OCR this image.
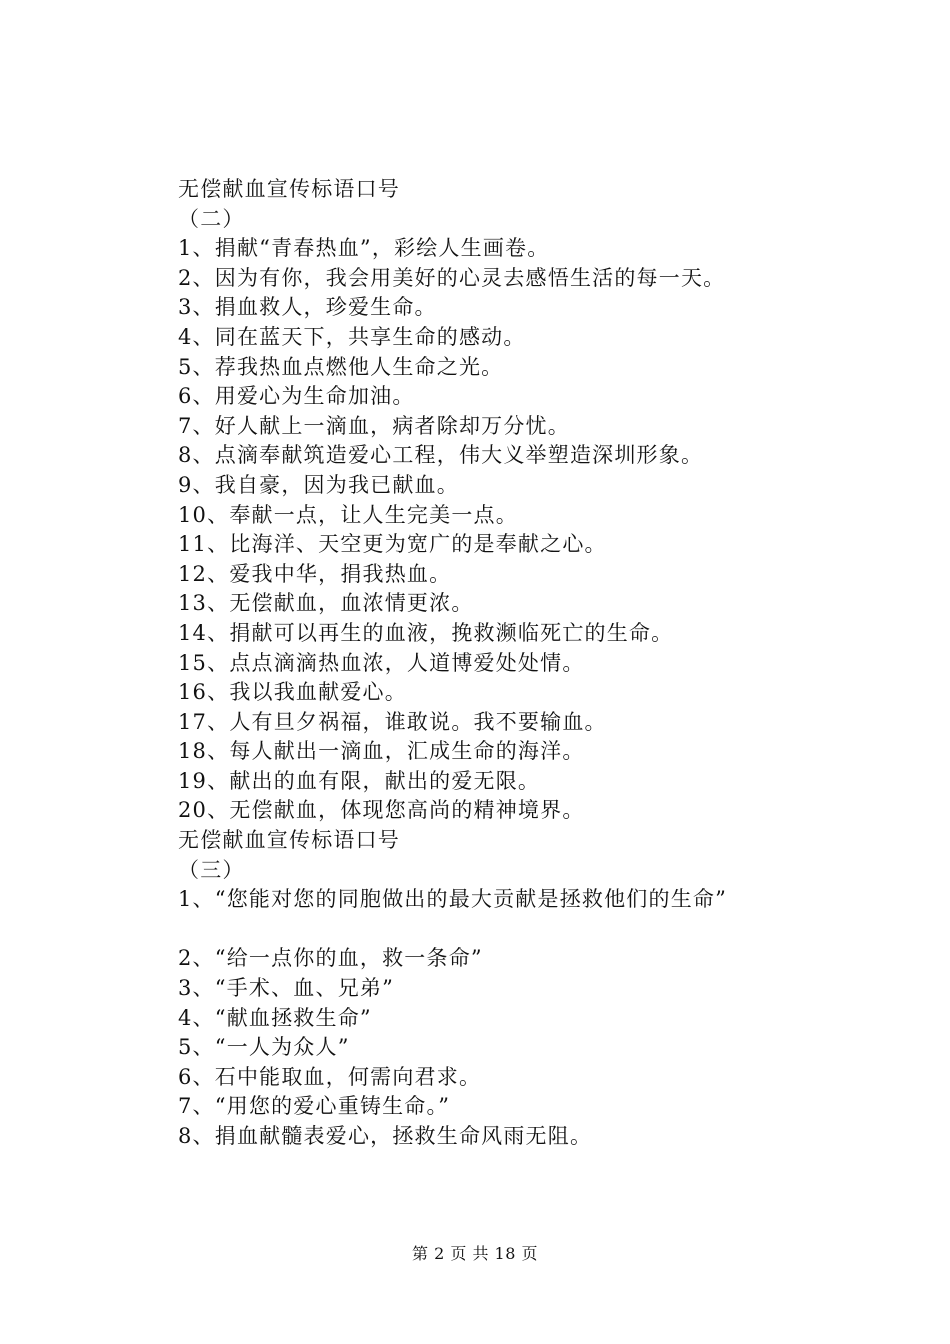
无偿献血宣传标语口号
（二）
1、捐献“青春热血”，彩绘人生画卷。
2、因为有你，我会用美好的心灵去感悟生活的每一天。
3、捐血救人，珍爱生命。
4、同在蓝天下，共享生命的感动。
5、荐我热血点燃他人生命之光。
6、用爱心为生命加油。
7、好人献上一滴血，病者除却万分忧。
8、点滴奉献筑造爱心工程，伟大义举塑造深圳形象。
9、我自豪，因为我已献血。
10、奉献一点，让人生完美一点。
11、比海洋、天空更为宽广的是奉献之心。
12、爱我中华，捐我热血。
13、无偿献血，血浓情更浓。
14、捐献可以再生的血液，挽救濒临死亡的生命。
15、点点滴滴热血浓，人道博爱处处情。
16、我以我血献爱心。
17、人有旦夕祸福，谁敢说。我不要输血。
18、每人献出一滴血，汇成生命的海洋。
19、献出的血有限，献出的爱无限。
20、无偿献血，体现您高尚的精神境界。
无偿献血宣传标语口号
（三）
1、“您能对您的同胞做出的最大贡献是拯救他们的生命”
2、“给一点你的血，救一条命”
3、“手术、血、兄弟”
4、“献血拯救生命”
5、“一人为众人”
6、石中能取血，何需向君求。
7、“用您的爱心重铸生命。”
8、捐血献髓表爱心，拯救生命风雨无阻。
第 2 页 共 18 页
